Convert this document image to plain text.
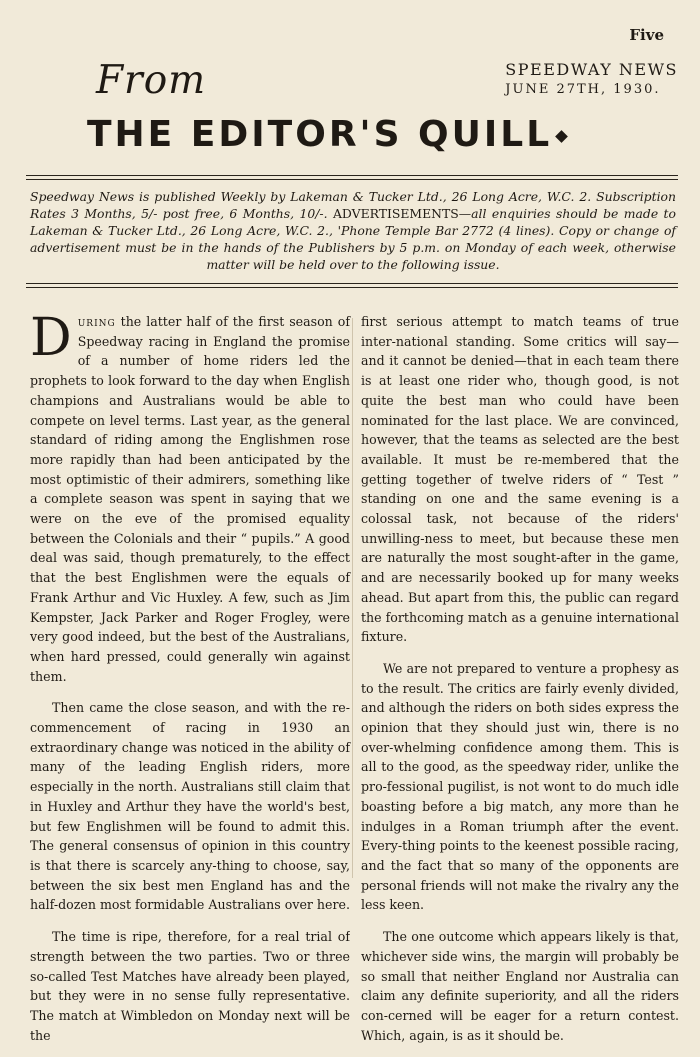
Five
From	SPEEDWAY NEWS
JUNE 27TH, 1930.
THE EDITOR'S QUILL
Speedway News is published Weekly by Lakeman & Tucker Ltd., 26 Long Acre, W.C. 2. Subscription Rates 3 Months, 5/- post free, 6 Months, 10/-. ADVERTISEMENTS—all enquiries should be made to Lakeman & Tucker Ltd., 26 Long Acre, W.C. 2., 'Phone Temple Bar 2772 (4 lines). Copy or change of advertisement must be in the hands of the Publishers by 5 p.m. on Monday of each week, otherwise matter will be held over to the following issue.

During the latter half of the first season of Speedway racing in England the promise of a number of home riders led the prophets to look forward to the day when English champions and Australians would be able to compete on level terms. Last year, as the general standard of riding among the Englishmen rose more rapidly than had been anticipated by the most optimistic of their admirers, something like a complete season was spent in saying that we were on the eve of the promised equality between the Colonials and their “ pupils.” A good deal was said, though prematurely, to the effect that the best Englishmen were the equals of Frank Arthur and Vic Huxley. A few, such as Jim Kempster, Jack Parker and Roger Frogley, were very good indeed, but the best of the Australians, when hard pressed, could generally win against them.

Then came the close season, and with the re-commencement of racing in 1930 an extraordinary change was noticed in the ability of many of the leading English riders, more especially in the north. Australians still claim that in Huxley and Arthur they have the world's best, but few Englishmen will be found to admit this. The general consensus of opinion in this country is that there is scarcely any-thing to choose, say, between the six best men England has and the half-dozen most formidable Australians over here.

The time is ripe, therefore, for a real trial of strength between the two parties. Two or three so-called Test Matches have already been played, but they were in no sense fully representative. The match at Wimbledon on Monday next will be the

first serious attempt to match teams of true inter-national standing. Some critics will say—and it cannot be denied—that in each team there is at least one rider who, though good, is not quite the best man who could have been nominated for the last place. We are convinced, however, that the teams as selected are the best available. It must be re-membered that the getting together of twelve riders of “ Test ” standing on one and the same evening is a colossal task, not because of the riders' unwilling-ness to meet, but because these men are naturally the most sought-after in the game, and are necessarily booked up for many weeks ahead. But apart from this, the public can regard the forthcoming match as a genuine international fixture.

We are not prepared to venture a prophesy as to the result. The critics are fairly evenly divided, and although the riders on both sides express the opinion that they should just win, there is no over-whelming confidence among them. This is all to the good, as the speedway rider, unlike the pro-fessional pugilist, is not wont to do much idle boasting before a big match, any more than he indulges in a Roman triumph after the event. Every-thing points to the keenest possible racing, and the fact that so many of the opponents are personal friends will not make the rivalry any the less keen.

The one outcome which appears likely is that, whichever side wins, the margin will probably be so small that neither England nor Australia can claim any definite superiority, and all the riders con-cerned will be eager for a return contest. Which, again, is as it should be.
